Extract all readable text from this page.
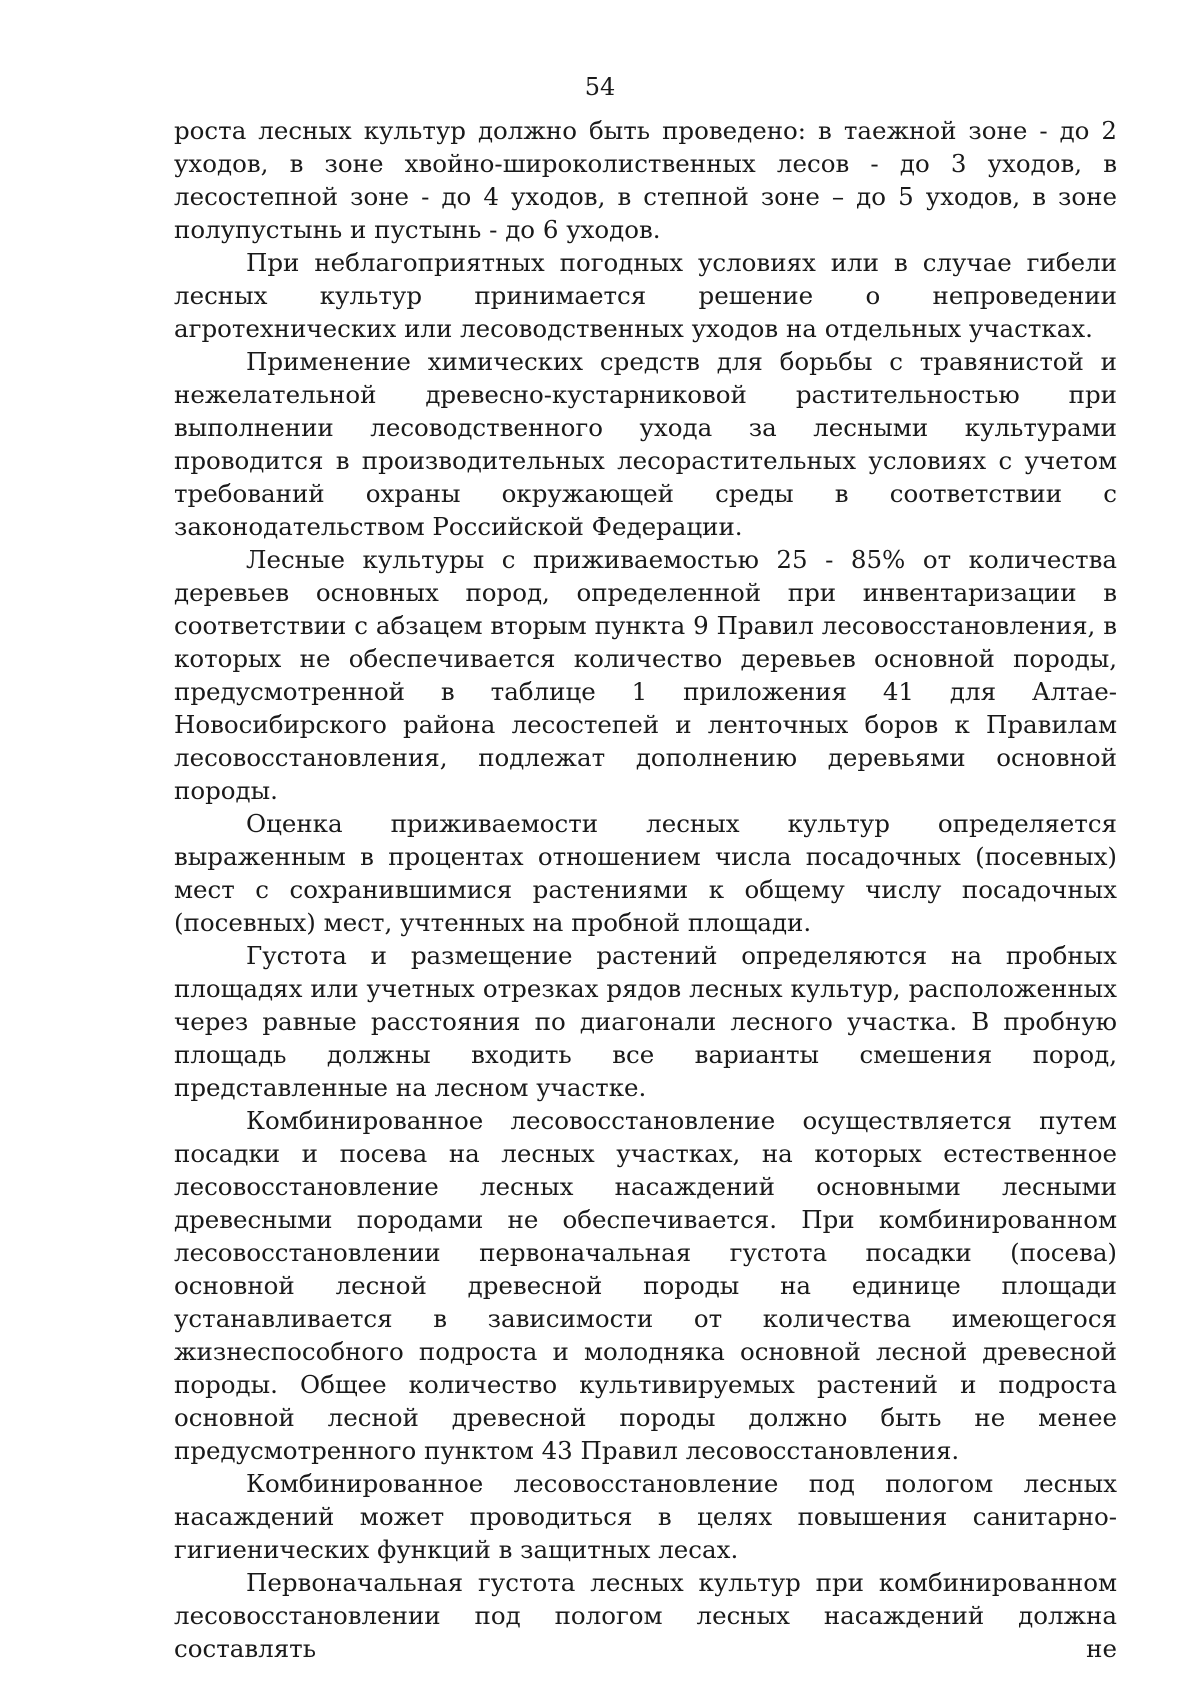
54

роста лесных культур должно быть проведено: в таежной зоне - до 2 уходов, в зоне хвойно-широколиственных лесов - до 3 уходов, в лесостепной зоне - до 4 уходов, в степной зоне – до 5 уходов, в зоне полупустынь и пустынь - до 6 уходов.

При неблагоприятных погодных условиях или в случае гибели лесных культур принимается решение о непроведении агротехнических или лесоводственных уходов на отдельных участках.

Применение химических средств для борьбы с травянистой и нежелательной древесно-кустарниковой растительностью при выполнении лесоводственного ухода за лесными культурами проводится в производительных лесорастительных условиях с учетом требований охраны окружающей среды в соответствии с законодательством Российской Федерации.

Лесные культуры с приживаемостью 25 - 85% от количества деревьев основных пород, определенной при инвентаризации в соответствии с абзацем вторым пункта 9 Правил лесовосстановления, в которых не обеспечивается количество деревьев основной породы, предусмотренной в таблице 1 приложения 41 для Алтае-Новосибирского района лесостепей и ленточных боров к Правилам лесовосстановления, подлежат дополнению деревьями основной породы.

Оценка приживаемости лесных культур определяется выраженным в процентах отношением числа посадочных (посевных) мест с сохранившимися растениями к общему числу посадочных (посевных) мест, учтенных на пробной площади.

Густота и размещение растений определяются на пробных площадях или учетных отрезках рядов лесных культур, расположенных через равные расстояния по диагонали лесного участка. В пробную площадь должны входить все варианты смешения пород, представленные на лесном участке.

Комбинированное лесовосстановление осуществляется путем посадки и посева на лесных участках, на которых естественное лесовосстановление лесных насаждений основными лесными древесными породами не обеспечивается. При комбинированном лесовосстановлении первоначальная густота посадки (посева) основной лесной древесной породы на единице площади устанавливается в зависимости от количества имеющегося жизнеспособного подроста и молодняка основной лесной древесной породы. Общее количество культивируемых растений и подроста основной лесной древесной породы должно быть не менее предусмотренного пунктом 43 Правил лесовосстановления.

Комбинированное лесовосстановление под пологом лесных насаждений может проводиться в целях повышения санитарно-гигиенических функций в защитных лесах.

Первоначальная густота лесных культур при комбинированном лесовосстановлении под пологом лесных насаждений должна составлять не
